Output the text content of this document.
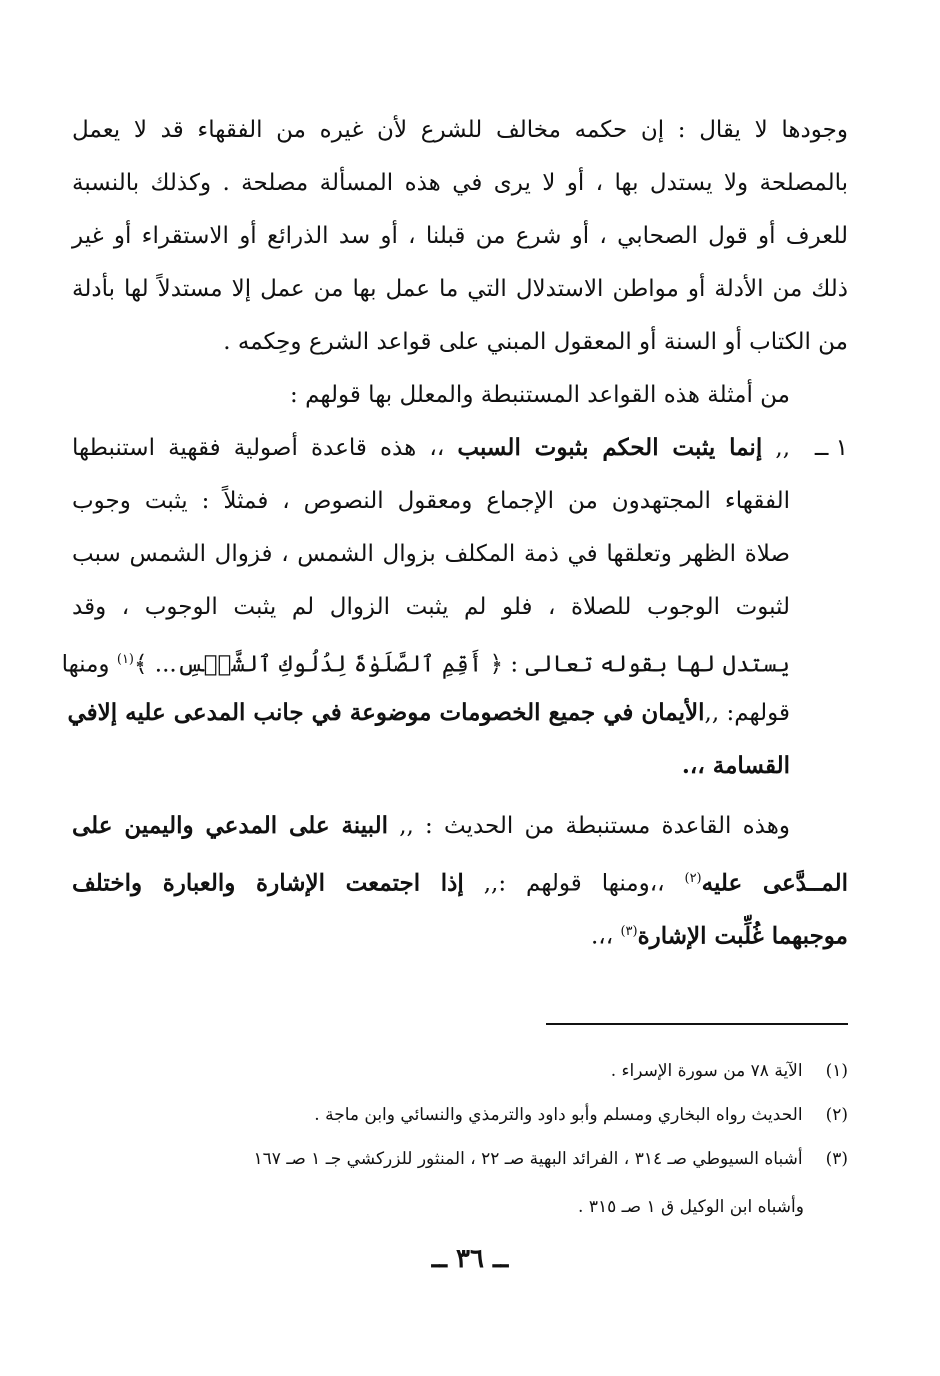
وجودها لا يقال : إن حكمه مخالف للشرع لأن غيره من الفقهاء قد لا يعمل

بالمصلحة ولا يستدل بها ، أو لا يرى في هذه المسألة مصلحة . وكذلك بالنسبة

للعرف أو قول الصحابي ، أو شرع من قبلنا ، أو سد الذرائع أو الاستقراء أو غير

ذلك من الأدلة أو مواطن الاستدلال التي ما عمل بها من عمل إلا مستدلاً لها بأدلة

من الكتاب أو السنة أو المعقول المبني على قواعد الشرع وحِكمه .

من أمثلة هذه القواعد المستنبطة والمعلل بها قولهم :

١ ــ

,, إنما يثبت الحكم بثبوت السبب ،، هذه قاعدة أصولية فقهية استنبطها

الفقهاء المجتهدون من الإجماع ومعقول النصوص ، فمثلاً : يثبت وجوب

صلاة الظهر وتعلقها في ذمة المكلف بزوال الشمس ، فزوال الشمس سبب

لثبوت الوجوب للصلاة ، فلو لم يثبت الزوال لم يثبت الوجوب ، وقد

يستدل لها بقوله تعالى : ﴿ أَقِمِ ٱلصَّلَوٰةَ لِدُلُوكِ ٱلشَّمۡسِ... ﴾$^{(١)}$ ومنها

قولهم: ,,الأيمان في جميع الخصومات موضوعة في جانب المدعى عليه إلافي

القسامة ،،.

وهذه القاعدة مستنبطة من الحديث : ,, البينة على المدعي واليمين على

المــدَّعى عليه$^{(٢)}$ ،،ومنها قولهم :,, إذا اجتمعت الإشارة والعبارة واختلف

موجبهما غُلِّبت الإشارة$^{(٣)}$ ،،.

(١) الآية ٧٨ من سورة الإسراء .

(٢) الحديث رواه البخاري ومسلم وأبو داود والترمذي والنسائي وابن ماجة .

(٣) أشباه السيوطي صـ ٣١٤ ، الفرائد البهية صـ ٢٢ ، المنثور للزركشي جـ ١ صـ ١٦٧

وأشباه ابن الوكيل ق ١ صـ ٣١٥ .

ــ ٣٦ ــ
